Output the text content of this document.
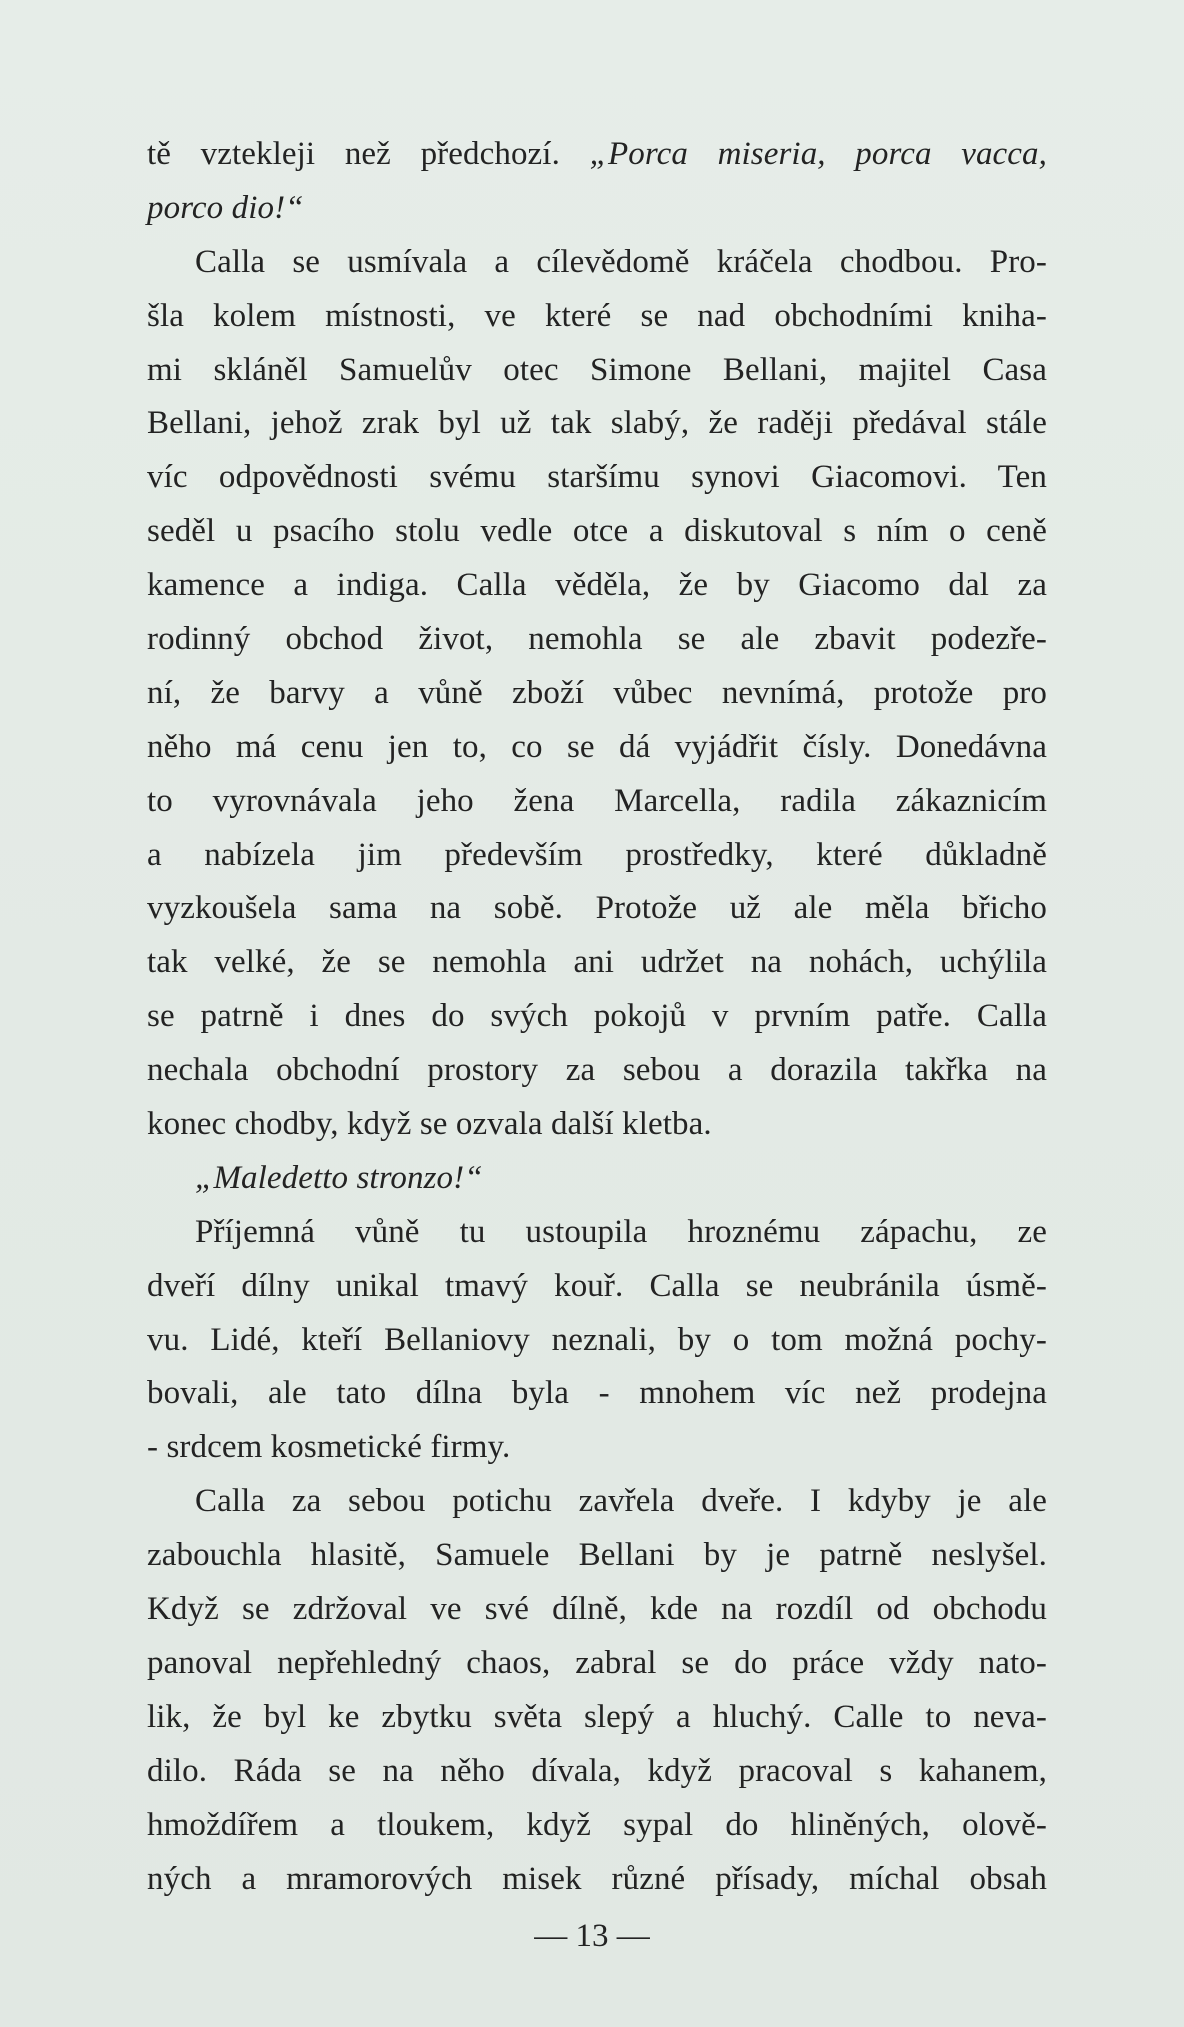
tě vztekleji než předchozí. „Porca miseria, porca vacca,
porco dio!“
Calla se usmívala a cílevědomě kráčela chodbou. Pro-
šla kolem místnosti, ve které se nad obchodními kniha-
mi skláněl Samuelův otec Simone Bellani, majitel Casa
Bellani, jehož zrak byl už tak slabý, že raději předával stále
víc odpovědnosti svému staršímu synovi Giacomovi. Ten
seděl u psacího stolu vedle otce a diskutoval s ním o ceně
kamence a indiga. Calla věděla, že by Giacomo dal za
rodinný obchod život, nemohla se ale zbavit podezře-
ní, že barvy a vůně zboží vůbec nevnímá, protože pro
něho má cenu jen to, co se dá vyjádřit čísly. Donedávna
to vyrovnávala jeho žena Marcella, radila zákaznicím
a nabízela jim především prostředky, které důkladně
vyzkoušela sama na sobě. Protože už ale měla břicho
tak velké, že se nemohla ani udržet na nohách, uchýlila
se patrně i dnes do svých pokojů v prvním patře. Calla
nechala obchodní prostory za sebou a dorazila takřka na
konec chodby, když se ozvala další kletba.
„Maledetto stronzo!“
Příjemná vůně tu ustoupila hroznému zápachu, ze
dveří dílny unikal tmavý kouř. Calla se neubránila úsmě-
vu. Lidé, kteří Bellaniovy neznali, by o tom možná pochy-
bovali, ale tato dílna byla - mnohem víc než prodejna
- srdcem kosmetické firmy.
Calla za sebou potichu zavřela dveře. I kdyby je ale
zabouchla hlasitě, Samuele Bellani by je patrně neslyšel.
Když se zdržoval ve své dílně, kde na rozdíl od obchodu
panoval nepřehledný chaos, zabral se do práce vždy nato-
lik, že byl ke zbytku světa slepý a hluchý. Calle to neva-
dilo. Ráda se na něho dívala, když pracoval s kahanem,
hmoždířem a tloukem, když sypal do hliněných, olově-
ných a mramorových misek různé přísady, míchal obsah
— 13 —
